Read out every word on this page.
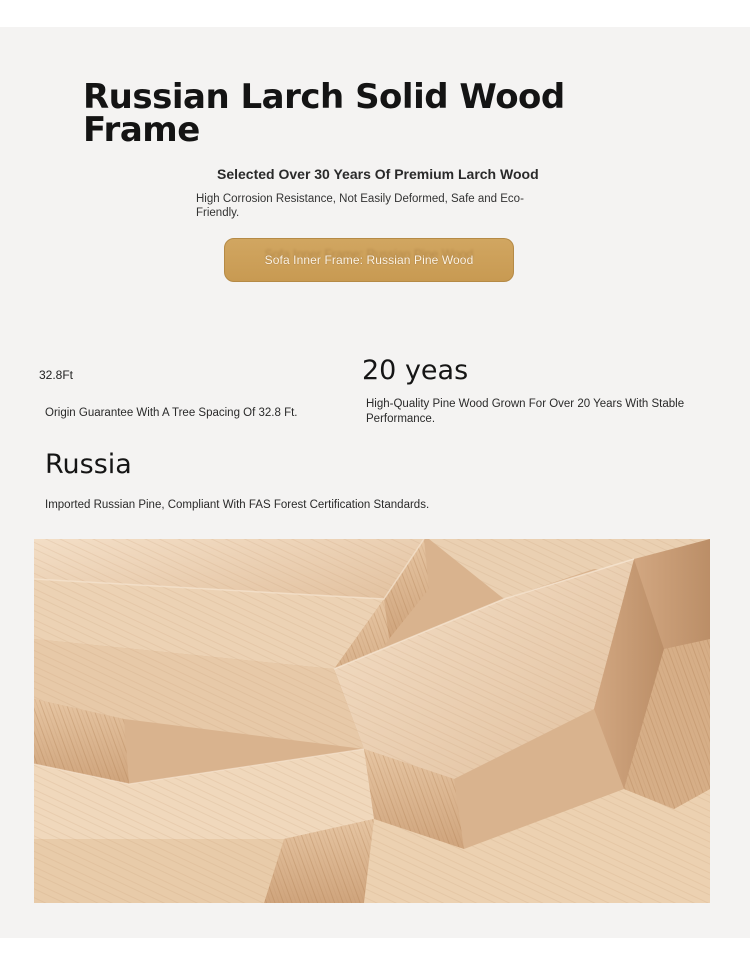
Russian Larch Solid Wood Frame
Selected Over 30 Years Of Premium Larch Wood
High Corrosion Resistance, Not Easily Deformed, Safe and Eco-Friendly.
Sofa Inner Frame: Russian Pine Wood
32.8Ft
Origin Guarantee With A Tree Spacing Of 32.8 Ft.
20 yeas
High-Quality Pine Wood Grown For Over 20 Years With Stable Performance.
Russia
Imported Russian Pine, Compliant With FAS Forest Certification Standards.
